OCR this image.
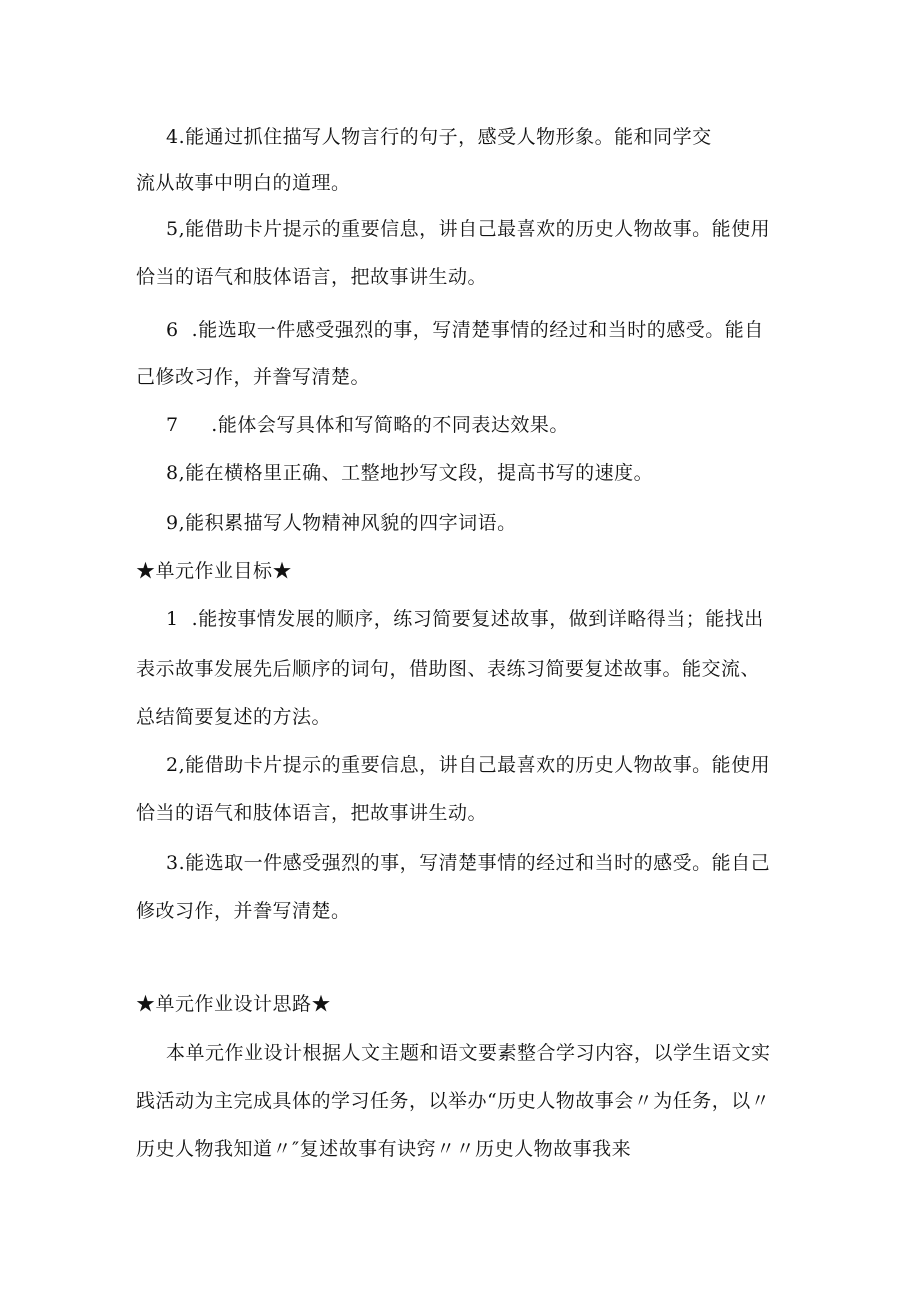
4.能通过抓住描写人物言行的句子，感受人物形象。能和同学交
流从故事中明白的道理。
5,能借助卡片提示的重要信息，讲自己最喜欢的历史人物故事。能使用
恰当的语气和肢体语言，把故事讲生动。
6  .能选取一件感受强烈的事，写清楚事情的经过和当时的感受。能自
己修改习作，并誊写清楚。
7     .能体会写具体和写简略的不同表达效果。
8,能在横格里正确、工整地抄写文段，提高书写的速度。
9,能积累描写人物精神风貌的四字词语。
★单元作业目标★
1  .能按事情发展的顺序，练习简要复述故事，做到详略得当；能找出
表示故事发展先后顺序的词句，借助图、表练习简要复述故事。能交流、
总结简要复述的方法。
2,能借助卡片提示的重要信息，讲自己最喜欢的历史人物故事。能使用
恰当的语气和肢体语言，把故事讲生动。
3.能选取一件感受强烈的事，写清楚事情的经过和当时的感受。能自己
修改习作，并誊写清楚。
★单元作业设计思路★
本单元作业设计根据人文主题和语文要素整合学习内容，以学生语文实
践活动为主完成具体的学习任务，以举办“历史人物故事会〃为任务，以〃
历史人物我知道〃″复述故事有诀窍〃〃历史人物故事我来
